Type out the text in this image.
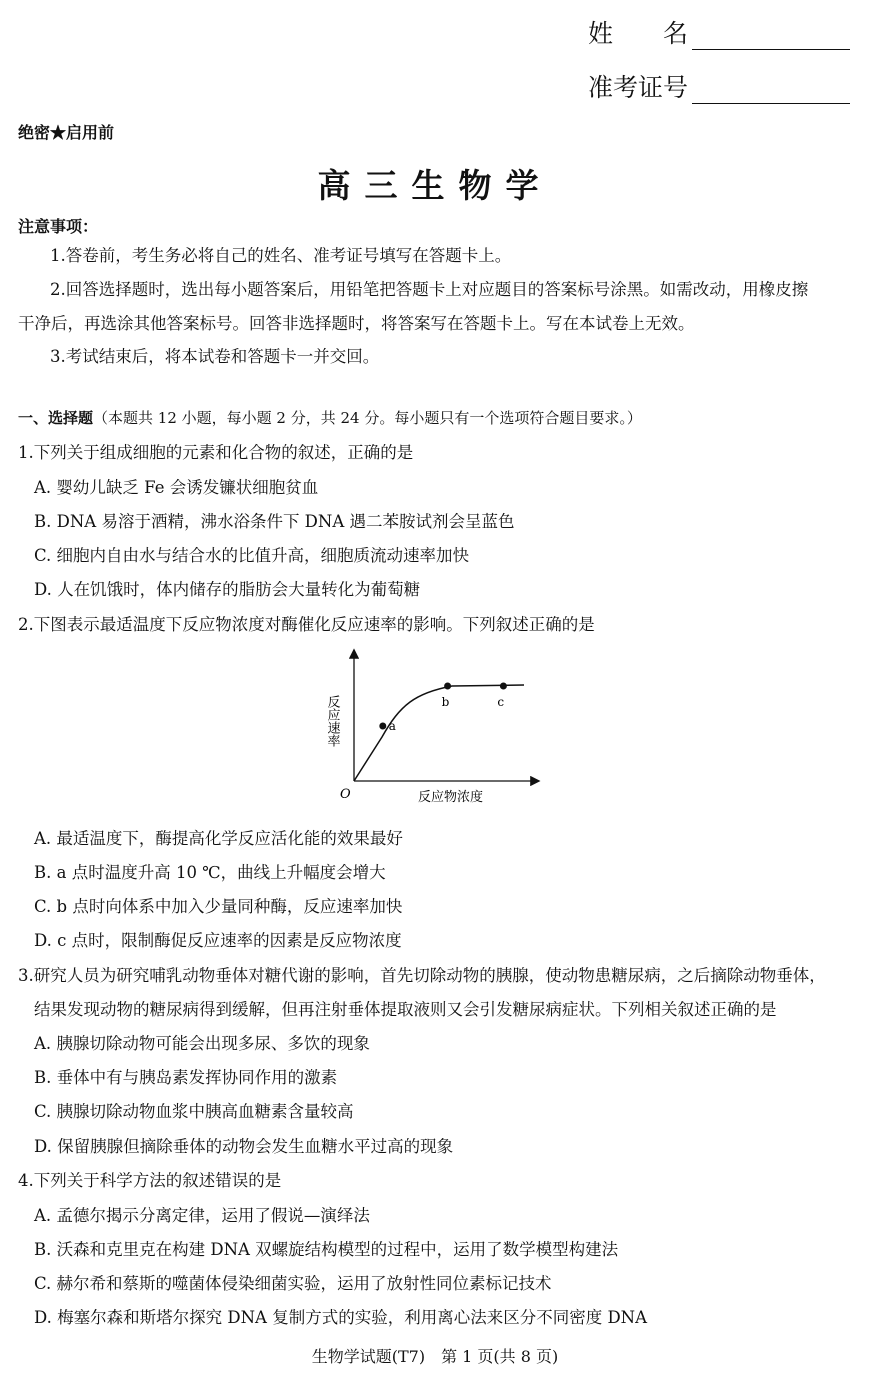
姓　　名
准考证号
绝密★启用前
高三生物学
注意事项：
1.答卷前，考生务必将自己的姓名、准考证号填写在答题卡上。
2.回答选择题时，选出每小题答案后，用铅笔把答题卡上对应题目的答案标号涂黑。如需改动，用橡皮擦
干净后，再选涂其他答案标号。回答非选择题时，将答案写在答题卡上。写在本试卷上无效。
3.考试结束后，将本试卷和答题卡一并交回。
一、选择题（本题共 12 小题，每小题 2 分，共 24 分。每小题只有一个选项符合题目要求。）
1.下列关于组成细胞的元素和化合物的叙述，正确的是
A. 婴幼儿缺乏 Fe 会诱发镰状细胞贫血
B. DNA 易溶于酒精，沸水浴条件下 DNA 遇二苯胺试剂会呈蓝色
C. 细胞内自由水与结合水的比值升高，细胞质流动速率加快
D. 人在饥饿时，体内储存的脂肪会大量转化为葡萄糖
2.下图表示最适温度下反应物浓度对酶催化反应速率的影响。下列叙述正确的是
a
b	c
反应速率
O	反应物浓度
A. 最适温度下，酶提高化学反应活化能的效果最好
B. a 点时温度升高 10 ℃，曲线上升幅度会增大
C. b 点时向体系中加入少量同种酶，反应速率加快
D. c 点时，限制酶促反应速率的因素是反应物浓度
3.研究人员为研究哺乳动物垂体对糖代谢的影响，首先切除动物的胰腺，使动物患糖尿病，之后摘除动物垂体，
结果发现动物的糖尿病得到缓解，但再注射垂体提取液则又会引发糖尿病症状。下列相关叙述正确的是
A. 胰腺切除动物可能会出现多尿、多饮的现象
B. 垂体中有与胰岛素发挥协同作用的激素
C. 胰腺切除动物血浆中胰高血糖素含量较高
D. 保留胰腺但摘除垂体的动物会发生血糖水平过高的现象
4.下列关于科学方法的叙述错误的是
A. 孟德尔揭示分离定律，运用了假说—演绎法
B. 沃森和克里克在构建 DNA 双螺旋结构模型的过程中，运用了数学模型构建法
C. 赫尔希和蔡斯的噬菌体侵染细菌实验，运用了放射性同位素标记技术
D. 梅塞尔森和斯塔尔探究 DNA 复制方式的实验，利用离心法来区分不同密度 DNA
生物学试题(T7)　第 1 页(共 8 页)
